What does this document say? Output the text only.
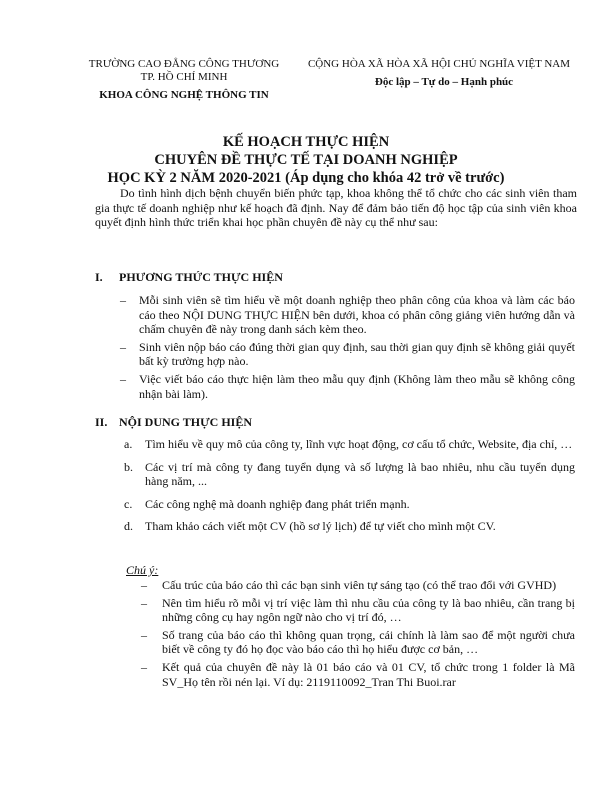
TRƯỜNG CAO ĐẲNG CÔNG THƯƠNG
TP. HỒ CHÍ MINH
KHOA CÔNG NGHỆ THÔNG TIN
CỘNG HÒA XÃ HÒA XÃ HỘI CHỦ NGHĨA VIỆT NAM
Độc lập – Tự do – Hạnh phúc
KẾ HOẠCH THỰC HIỆN
CHUYÊN ĐỀ THỰC TẾ TẠI DOANH NGHIỆP
HỌC KỲ 2 NĂM 2020-2021 (Áp dụng cho khóa 42 trở về trước)

Do tình hình dịch bệnh chuyển biến phức tạp, khoa không thể tổ chức cho các sinh viên tham gia thực tế doanh nghiệp như kế hoạch đã định. Nay để đảm bảo tiến độ học tập của sinh viên khoa quyết định hình thức triển khai học phần chuyên đề này cụ thể như sau:

I. PHƯƠNG THỨC THỰC HIỆN
– Mỗi sinh viên sẽ tìm hiểu về một doanh nghiệp theo phân công của khoa và làm các báo cáo theo NỘI DUNG THỰC HIỆN bên dưới, khoa có phân công giảng viên hướng dẫn và chấm chuyên đề này trong danh sách kèm theo.
– Sinh viên nộp báo cáo đúng thời gian quy định, sau thời gian quy định sẽ không giải quyết bất kỳ trường hợp nào.
– Việc viết báo cáo thực hiện làm theo mẫu quy định (Không làm theo mẫu sẽ không công nhận bài làm).
II. NỘI DUNG THỰC HIỆN
a. Tìm hiểu về quy mô của công ty, lĩnh vực hoạt động, cơ cấu tổ chức, Website, địa chỉ, …
b. Các vị trí mà công ty đang tuyển dụng và số lượng là bao nhiêu, nhu cầu tuyển dụng hàng năm, ...
c. Các công nghệ mà doanh nghiệp đang phát triển mạnh.
d. Tham khảo cách viết một CV (hồ sơ lý lịch) để tự viết cho mình một CV.
Chú ý:
– Cấu trúc của báo cáo thì các bạn sinh viên tự sáng tạo (có thể trao đổi với GVHD)
– Nên tìm hiểu rõ mỗi vị trí việc làm thì nhu cầu của công ty là bao nhiêu, cần trang bị những công cụ hay ngôn ngữ nào cho vị trí đó, …
– Số trang của báo cáo thì không quan trọng, cái chính là làm sao để một người chưa biết về công ty đó họ đọc vào báo cáo thì họ hiểu được cơ bản, …
– Kết quả của chuyên đề này là 01 báo cáo và 01 CV, tổ chức trong 1 folder là Mã SV_Họ tên rồi nén lại. Ví dụ: 2119110092_Tran Thi Buoi.rar
